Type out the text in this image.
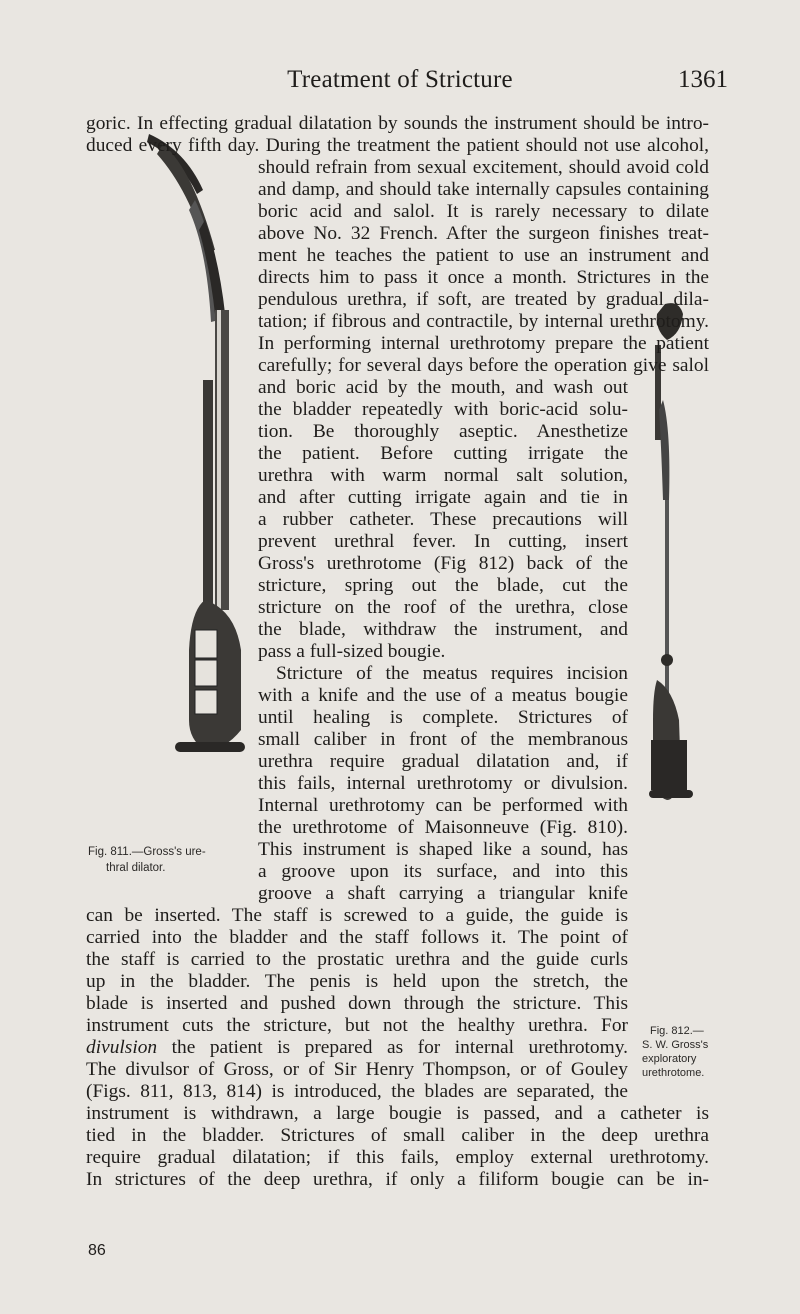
Treatment of Stricture	1361
goric. In effecting gradual dilatation by sounds the instrument should be intro-
duced every fifth day. During the treatment the patient should not use alcohol,
should refrain from sexual excitement, should avoid cold
and damp, and should take internally capsules containing
boric acid and salol. It is rarely necessary to dilate
above No. 32 French. After the surgeon finishes treat-
ment he teaches the patient to use an instrument and
directs him to pass it once a month. Strictures in the
pendulous urethra, if soft, are treated by gradual dila-
tation; if fibrous and contractile, by internal urethrotomy.
In performing internal urethrotomy prepare the patient
carefully; for several days before the operation give salol
and boric acid by the mouth, and wash out
the bladder repeatedly with boric-acid solu-
tion. Be thoroughly aseptic. Anesthetize
the patient. Before cutting irrigate the
urethra with warm normal salt solution,
and after cutting irrigate again and tie in
a rubber catheter. These precautions will
prevent urethral fever. In cutting, insert
Gross's urethrotome (Fig 812) back of the
stricture, spring out the blade, cut the
stricture on the roof of the urethra, close
the blade, withdraw the instrument, and
pass a full-sized bougie.
Stricture of the meatus requires incision
with a knife and the use of a meatus bougie
until healing is complete. Strictures of
small caliber in front of the membranous
urethra require gradual dilatation and, if
this fails, internal urethrotomy or divulsion.
Internal urethrotomy can be performed with
the urethrotome of Maisonneuve (Fig. 810).
This instrument is shaped like a sound, has
a groove upon its surface, and into this
groove a shaft carrying a triangular knife
can be inserted. The staff is screwed to a guide, the guide is
carried into the bladder and the staff follows it. The point of
the staff is carried to the prostatic urethra and the guide curls
up in the bladder. The penis is held upon the stretch, the
blade is inserted and pushed down through the stricture. This
instrument cuts the stricture, but not the healthy urethra. For
divulsion the patient is prepared as for internal urethrotomy.
The divulsor of Gross, or of Sir Henry Thompson, or of Gouley
(Figs. 811, 813, 814) is introduced, the blades are separated, the
instrument is withdrawn, a large bougie is passed, and a catheter is
tied in the bladder. Strictures of small caliber in the deep urethra
require gradual dilatation; if this fails, employ external urethrotomy.
In strictures of the deep urethra, if only a filiform bougie can be in-
Fig. 811.—Gross's ure-
thral dilator.
Fig. 812.—
S. W. Gross's
exploratory
urethrotome.
86
